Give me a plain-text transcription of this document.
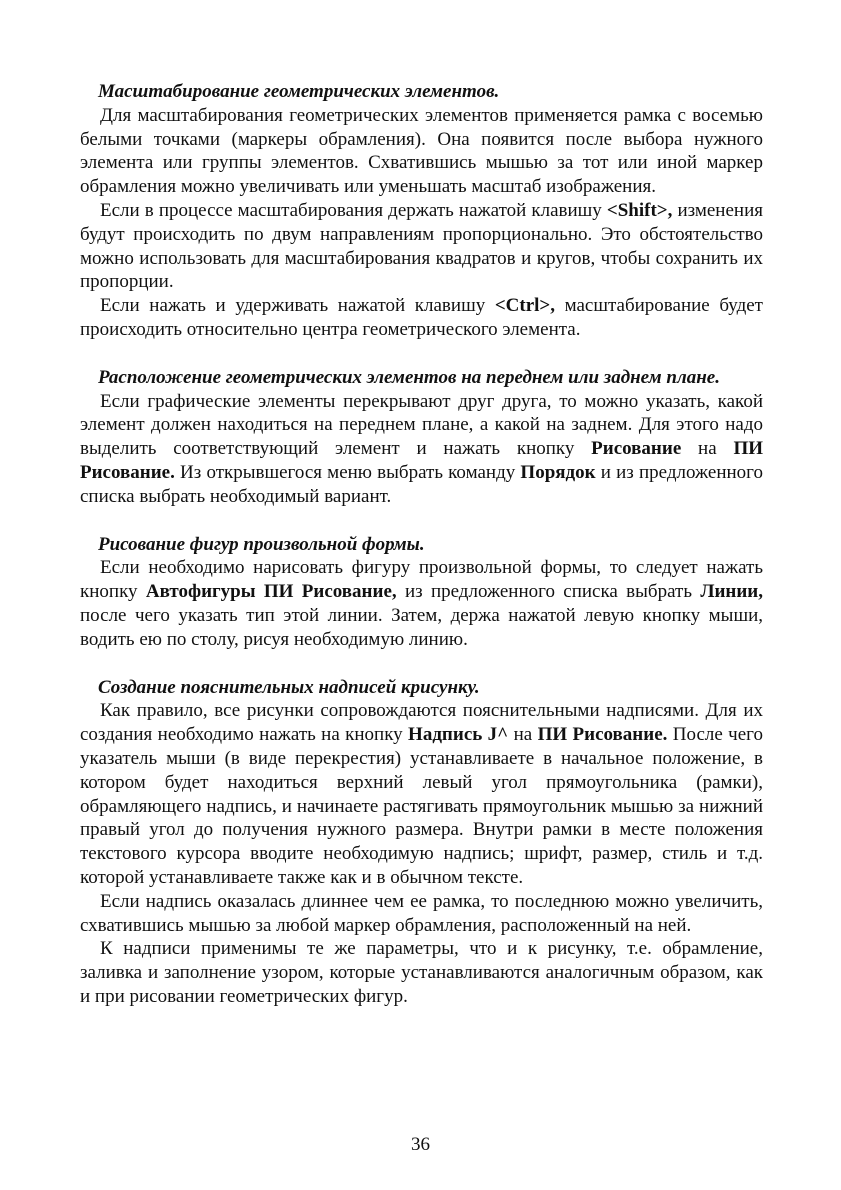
Масштабирование геометрических элементов.

Для масштабирования геометрических элементов применяется рамка с восемью белыми точками (маркеры обрамления). Она появится после выбора нужного элемента или группы элементов. Схватившись мышью за тот или иной маркер обрамления можно увеличивать или уменьшать масштаб изображения.

Если в процессе масштабирования держать нажатой клавишу <Shift>, изменения будут происходить по двум направлениям пропорционально. Это обстоятельство можно использовать для масштабирования квадратов и кругов, чтобы сохранить их пропорции.

Если нажать и удерживать нажатой клавишу <Ctrl>, масштабирование будет происходить относительно центра геометрического элемента.

Расположение геометрических элементов на переднем или заднем плане.

Если графические элементы перекрывают друг друга, то можно указать, какой элемент должен находиться на переднем плане, а какой на заднем. Для этого надо выделить соответствующий элемент и нажать кнопку Рисование на ПИ Рисование. Из открывшегося меню выбрать команду Порядок и из предложенного списка выбрать необходимый вариант.

Рисование фигур произвольной формы.

Если необходимо нарисовать фигуру произвольной формы, то следует нажать кнопку Автофигуры ПИ Рисование, из предложенного списка выбрать Линии, после чего указать тип этой линии. Затем, держа нажатой левую кнопку мыши, водить ею по столу, рисуя необходимую линию.

Создание пояснительных надписей крисунку.

Как правило, все рисунки сопровождаются пояснительными надписями. Для их создания необходимо нажать на кнопку Надпись J^ на ПИ Рисование. После чего указатель мыши (в виде перекрестия) устанавливаете в начальное положение, в котором будет находиться верхний левый угол прямоугольника (рамки), обрамляющего надпись, и начинаете растягивать прямоугольник мышью за нижний правый угол до получения нужного размера. Внутри рамки в месте положения текстового курсора вводите необходимую надпись; шрифт, размер, стиль и т.д. которой устанавливаете также как и в обычном тексте.

Если надпись оказалась длиннее чем ее рамка, то последнюю можно увеличить, схватившись мышью за любой маркер обрамления, расположенный на ней.

К надписи применимы те же параметры, что и к рисунку, т.е. обрамление, заливка и заполнение узором, которые устанавливаются аналогичным образом, как и при рисовании геометрических фигур.

36
